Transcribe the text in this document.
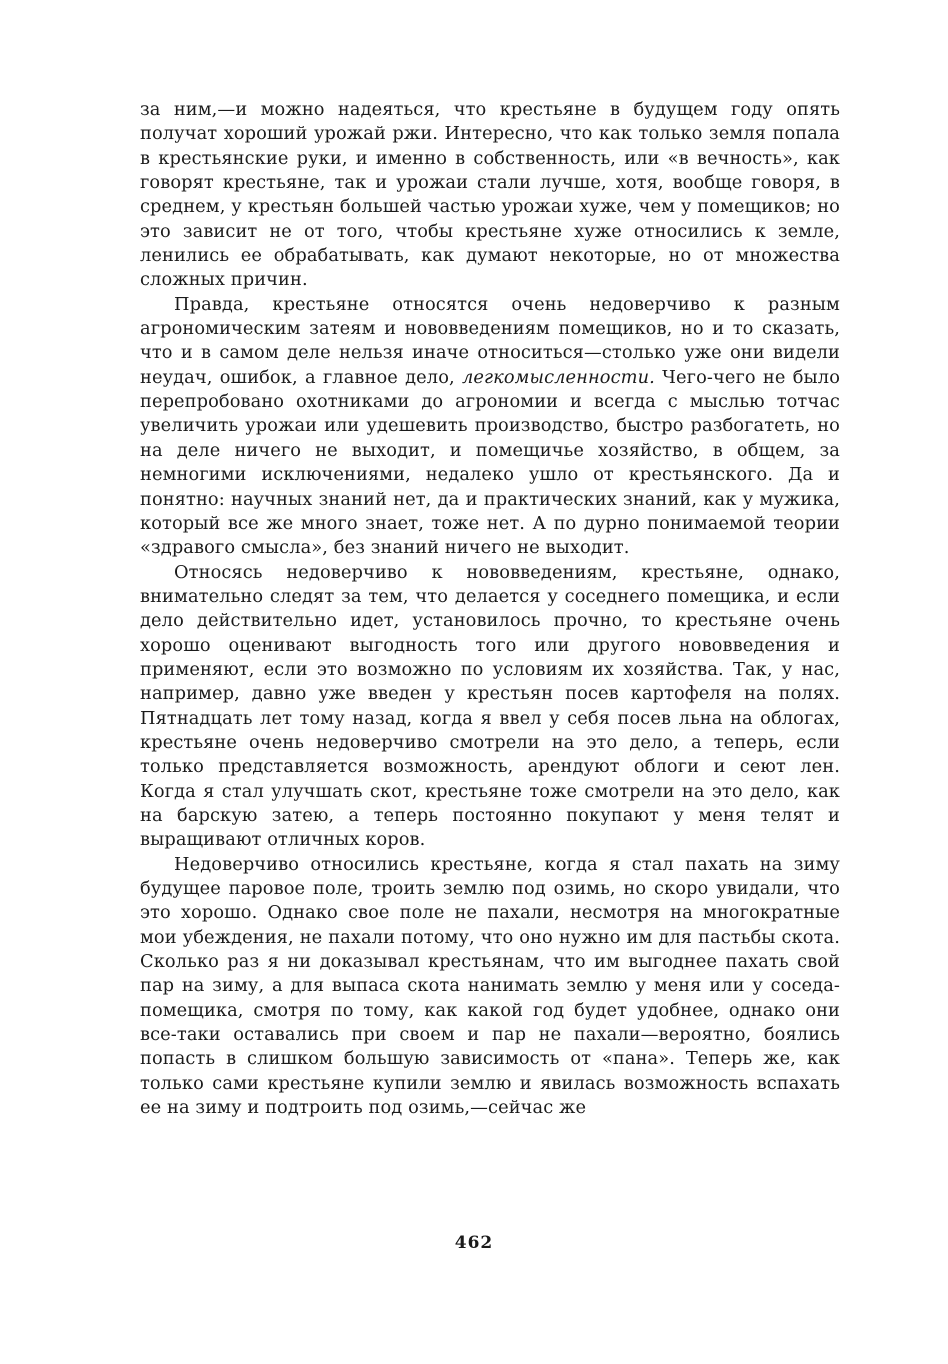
за ним,—и можно надеяться, что крестьяне в будущем году опять получат хороший урожай ржи. Интересно, что как только земля попала в крестьянские руки, и именно в собственность, или «в вечность», как говорят крестьяне, так и урожаи стали лучше, хотя, вообще говоря, в среднем, у крестьян большей частью урожаи хуже, чем у помещиков; но это зависит не от того, чтобы крестьяне хуже относились к земле, ленились ее обрабатывать, как думают некоторые, но от множества сложных причин.

Правда, крестьяне относятся очень недоверчиво к разным агрономическим затеям и нововведениям помещиков, но и то сказать, что и в самом деле нельзя иначе относиться—столько уже они видели неудач, ошибок, а главное дело, легкомысленности. Чего-чего не было перепробовано охотниками до агрономии и всегда с мыслью тотчас увеличить урожаи или удешевить производство, быстро разбогатеть, но на деле ничего не выходит, и помещичье хозяйство, в общем, за немногими исключениями, недалеко ушло от крестьянского. Да и понятно: научных знаний нет, да и практических знаний, как у мужика, который все же много знает, тоже нет. А по дурно понимаемой теории «здравого смысла», без знаний ничего не выходит.

Относясь недоверчиво к нововведениям, крестьяне, однако, внимательно следят за тем, что делается у соседнего помещика, и если дело действительно идет, установилось прочно, то крестьяне очень хорошо оценивают выгодность того или другого нововведения и применяют, если это возможно по условиям их хозяйства. Так, у нас, например, давно уже введен у крестьян посев картофеля на полях. Пятнадцать лет тому назад, когда я ввел у себя посев льна на облогах, крестьяне очень недоверчиво смотрели на это дело, а теперь, если только представляется возможность, арендуют облоги и сеют лен. Когда я стал улучшать скот, крестьяне тоже смотрели на это дело, как на барскую затею, а теперь постоянно покупают у меня телят и выращивают отличных коров.

Недоверчиво относились крестьяне, когда я стал пахать на зиму будущее паровое поле, троить землю под озимь, но скоро увидали, что это хорошо. Однако свое поле не пахали, несмотря на многократные мои убеждения, не пахали потому, что оно нужно им для пастьбы скота. Сколько раз я ни доказывал крестьянам, что им выгоднее пахать свой пар на зиму, а для выпаса скота нанимать землю у меня или у соседа-помещика, смотря по тому, как какой год будет удобнее, однако они все-таки оставались при своем и пар не пахали—вероятно, боялись попасть в слишком большую зависимость от «пана». Теперь же, как только сами крестьяне купили землю и явилась возможность вспахать ее на зиму и подтроить под озимь,—сейчас же

462
